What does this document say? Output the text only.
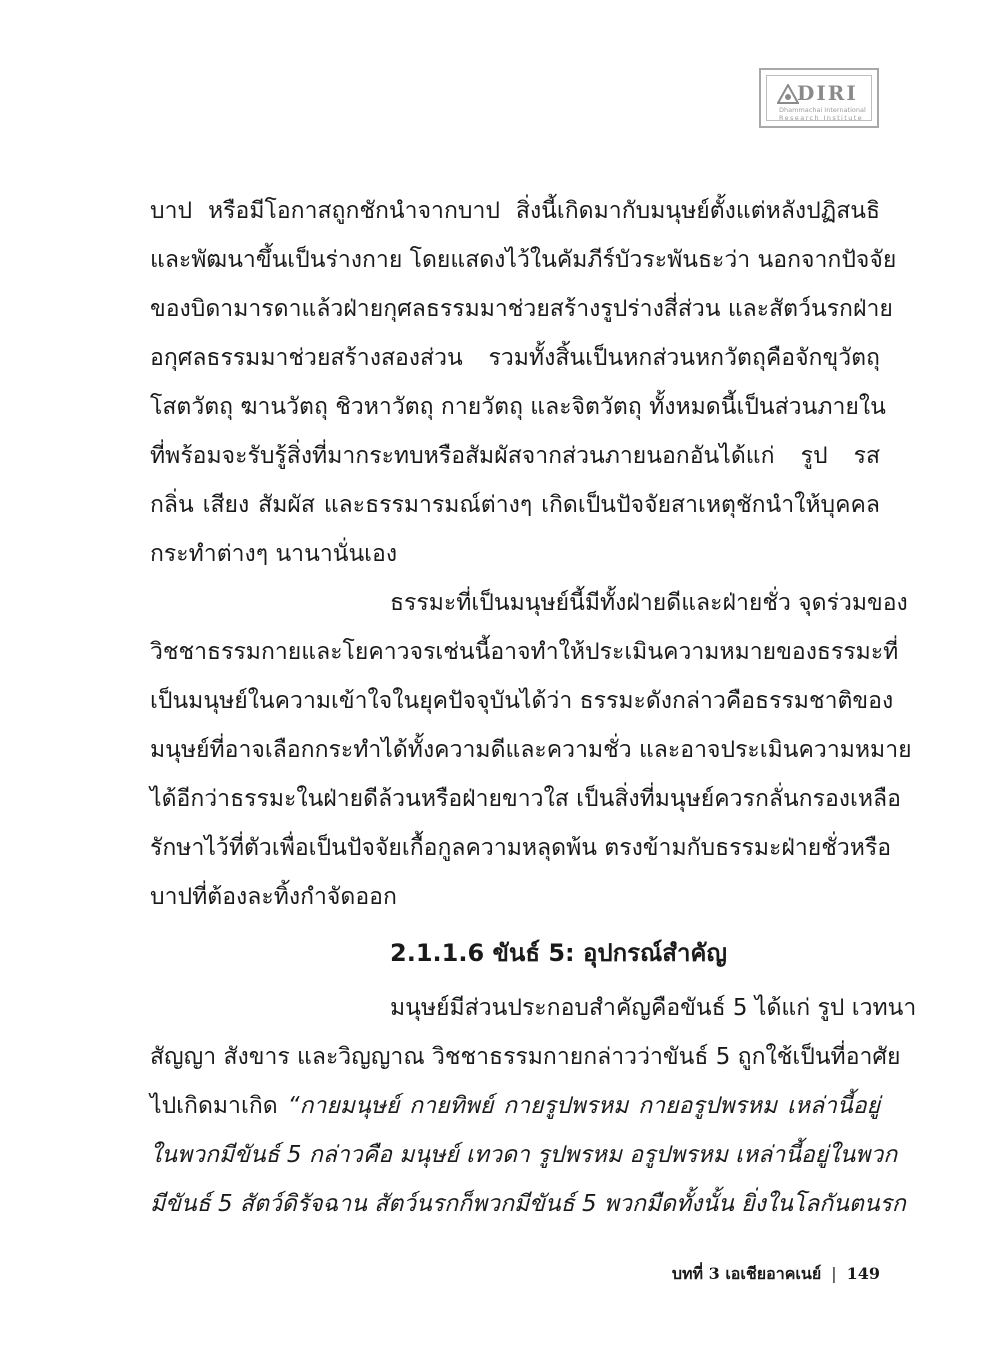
DIRI
Dhammachai International
Research Institute
บาป หรือมีโอกาสถูกชักนำจากบาป สิ่งนี้เกิดมากับมนุษย์ตั้งแต่หลังปฏิสนธิ
และพัฒนาขึ้นเป็นร่างกาย โดยแสดงไว้ในคัมภีร์บัวระพันธะว่า นอกจากปัจจัย
ของบิดามารดาแล้วฝ่ายกุศลธรรมมาช่วยสร้างรูปร่างสี่ส่วน และสัตว์นรกฝ่าย
อกุศลธรรมมาช่วยสร้างสองส่วน รวมทั้งสิ้นเป็นหกส่วนหกวัตถุคือจักขุวัตถุ
โสตวัตถุ ฆานวัตถุ ชิวหาวัตถุ กายวัตถุ และจิตวัตถุ ทั้งหมดนี้เป็นส่วนภายใน
ที่พร้อมจะรับรู้สิ่งที่มากระทบหรือสัมผัสจากส่วนภายนอกอันได้แก่ รูป รส
กลิ่น เสียง สัมผัส และธรรมารมณ์ต่างๆ เกิดเป็นปัจจัยสาเหตุชักนำให้บุคคล
กระทำต่างๆ นานานั่นเอง
ธรรมะที่เป็นมนุษย์นี้มีทั้งฝ่ายดีและฝ่ายชั่ว จุดร่วมของ
วิชชาธรรมกายและโยคาวจรเช่นนี้อาจทำให้ประเมินความหมายของธรรมะที่
เป็นมนุษย์ในความเข้าใจในยุคปัจจุบันได้ว่า ธรรมะดังกล่าวคือธรรมชาติของ
มนุษย์ที่อาจเลือกกระทำได้ทั้งความดีและความชั่ว และอาจประเมินความหมาย
ได้อีกว่าธรรมะในฝ่ายดีล้วนหรือฝ่ายขาวใส เป็นสิ่งที่มนุษย์ควรกลั่นกรองเหลือ
รักษาไว้ที่ตัวเพื่อเป็นปัจจัยเกื้อกูลความหลุดพ้น ตรงข้ามกับธรรมะฝ่ายชั่วหรือ
บาปที่ต้องละทิ้งกำจัดออก
2.1.1.6 ขันธ์ 5: อุปกรณ์สำคัญ
มนุษย์มีส่วนประกอบสำคัญคือขันธ์ 5 ได้แก่ รูป เวทนา
สัญญา สังขาร และวิญญาณ วิชชาธรรมกายกล่าวว่าขันธ์ 5 ถูกใช้เป็นที่อาศัย
ไปเกิดมาเกิด “กายมนุษย์ กายทิพย์ กายรูปพรหม กายอรูปพรหม เหล่านี้อยู่
ในพวกมีขันธ์ 5 กล่าวคือ มนุษย์ เทวดา รูปพรหม อรูปพรหม เหล่านี้อยู่ในพวก
มีขันธ์ 5 สัตว์ดิรัจฉาน สัตว์นรกก็พวกมีขันธ์ 5 พวกมืดทั้งนั้น ยิ่งในโลกันตนรก
บทที่ 3 เอเชียอาคเนย์ | 149
